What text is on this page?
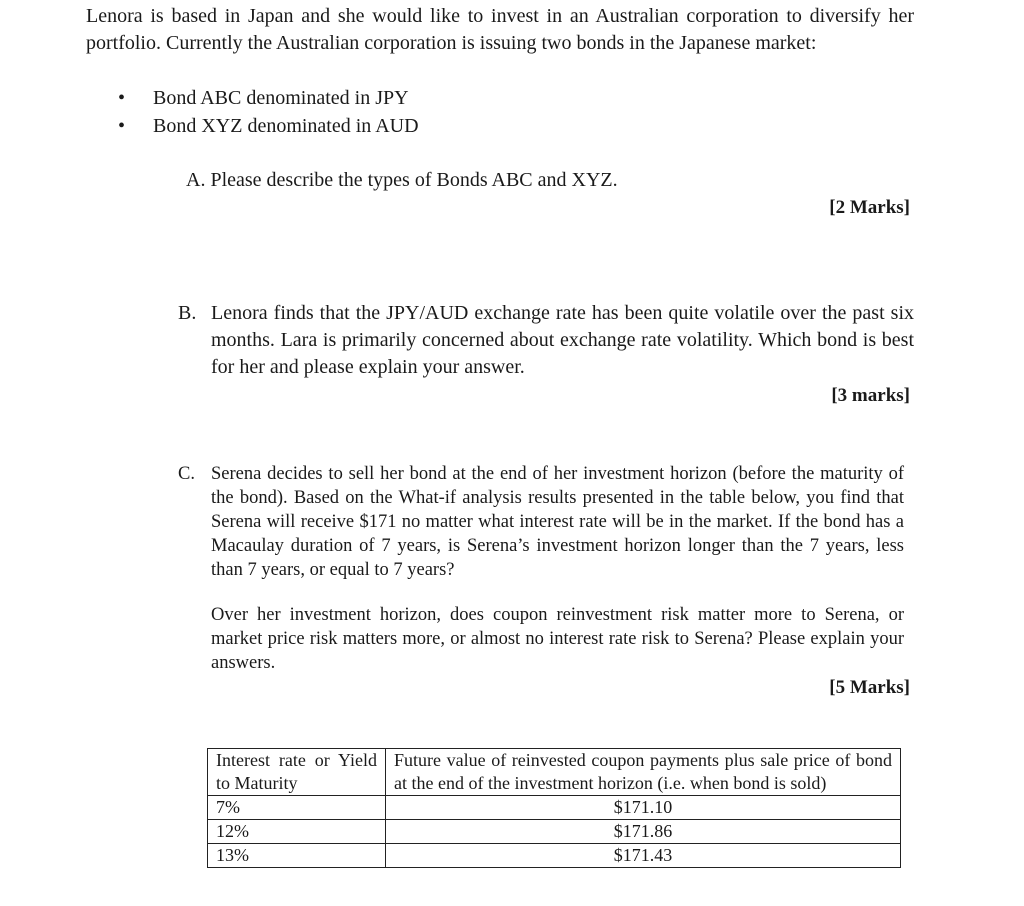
Lenora is based in Japan and she would like to invest in an Australian corporation to diversify her portfolio. Currently the Australian corporation is issuing two bonds in the Japanese market:

• Bond ABC denominated in JPY
• Bond XYZ denominated in AUD

A. Please describe the types of Bonds ABC and XYZ.

[2 Marks]
B. Lenora finds that the JPY/AUD exchange rate has been quite volatile over the past six months. Lara is primarily concerned about exchange rate volatility. Which bond is best for her and please explain your answer.
[3 marks]
C. Serena decides to sell her bond at the end of her investment horizon (before the maturity of the bond). Based on the What-if analysis results presented in the table below, you find that Serena will receive $171 no matter what interest rate will be in the market. If the bond has a Macaulay duration of 7 years, is Serena’s investment horizon longer than the 7 years, less than 7 years, or equal to 7 years?
Over her investment horizon, does coupon reinvestment risk matter more to Serena, or market price risk matters more, or almost no interest rate risk to Serena? Please explain your answers.
[5 Marks]
Interest rate or Yield to Maturity	Future value of reinvested coupon payments plus sale price of bond at the end of the investment horizon (i.e. when bond is sold)
7%	$171.10
12%	$171.86
13%	$171.43
